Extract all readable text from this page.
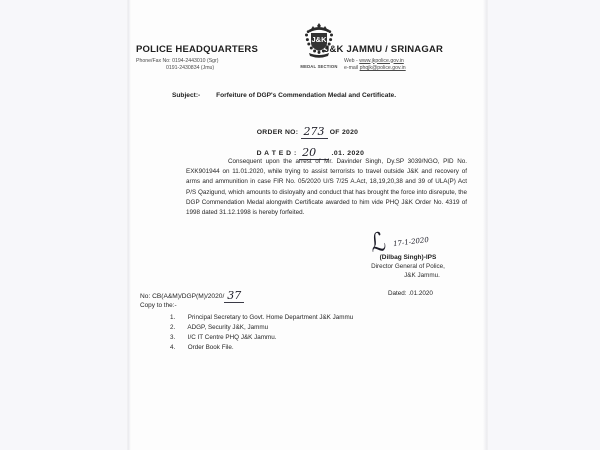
POLICE HEADQUARTERS
Phone/Fax No: 0194-2443010 (Sgr)
0191-2430834 (Jmu)
J&K
MEDAL SECTION
J&K JAMMU / SRINAGAR
Web - www.jkpolice.gov.in
e-mail phqjk@police.gov.in
Subject:- Forfeiture of DGP's Commendation Medal and Certificate.
ORDER NO: 273 OF 2020
D A T E D : 20 .01. 2020
Consequent upon the arrest of Mr. Davinder Singh, Dy.SP 3039/NGO, PID No. EXK901944 on 11.01.2020, while trying to assist terrorists to travel outside J&K and recovery of arms and ammunition in case FIR No. 05/2020 U/S 7/25 A.Act, 18,19,20,38 and 39 of ULA(P) Act P/S Qazigund, which amounts to disloyalty and conduct that has brought the force into disrepute, the DGP Commendation Medal alongwith Certificate awarded to him vide PHQ J&K Order No. 4319 of 1998 dated 31.12.1998 is hereby forfeited.
ℒ 17-1-2020
(Dilbag Singh)-IPS
Director General of Police,
J&K Jammu.
No: CB(A&M)/DGP(M)/2020/ 37	Dated: .01.2020
Copy to the:-
1. Principal Secretary to Govt. Home Department J&K Jammu
2. ADGP, Security J&K, Jammu
3. I/C IT Centre PHQ J&K Jammu.
4. Order Book File.
